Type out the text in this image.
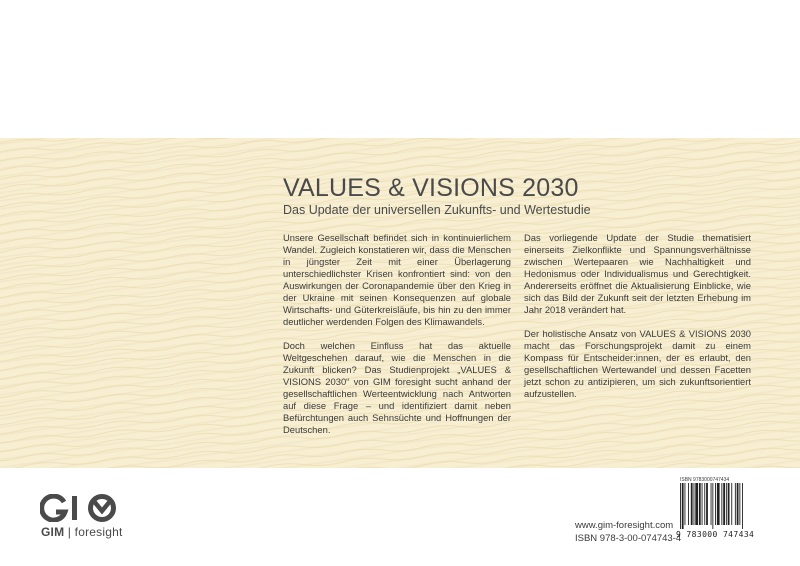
VALUES & VISIONS 2030
Das Update der universellen Zukunfts- und Wertestudie

Unsere Gesellschaft befindet sich in kontinuierlichem Wandel. Zugleich konstatieren wir, dass die Menschen in jüngster Zeit mit einer Überlagerung unterschiedlichster Krisen konfrontiert sind: von den Auswirkungen der Coronapandemie über den Krieg in der Ukraine mit seinen Konsequenzen auf globale Wirtschafts- und Güterkreisläufe, bis hin zu den immer deutlicher werdenden Folgen des Klimawandels.

Doch welchen Einfluss hat das aktuelle Weltgeschehen darauf, wie die Menschen in die Zukunft blicken? Das Studienprojekt „VALUES & VISIONS 2030“ von GIM foresight sucht anhand der gesellschaftlichen Werteentwicklung nach Antworten auf diese Frage – und identifiziert damit neben Befürchtungen auch Sehnsüchte und Hoffnungen der Deutschen.

Das vorliegende Update der Studie thematisiert einerseits Zielkonflikte und Spannungsverhältnisse zwischen Wertepaaren wie Nachhaltigkeit und Hedonismus oder Individualismus und Gerechtigkeit. Andererseits eröffnet die Aktualisierung Einblicke, wie sich das Bild der Zukunft seit der letzten Erhebung im Jahr 2018 verändert hat.

Der holistische Ansatz von VALUES & VISIONS 2030 macht das Forschungsprojekt damit zu einem Kompass für Entscheider:innen, der es erlaubt, den gesellschaftlichen Wertewandel und dessen Facetten jetzt schon zu antizipieren, um sich zukunftsorientiert aufzustellen.

GIM | foresight	www.gim-foresight.com
ISBN 978-3-00-074743-4
ISBN 9783000747434
9 783000 747434
